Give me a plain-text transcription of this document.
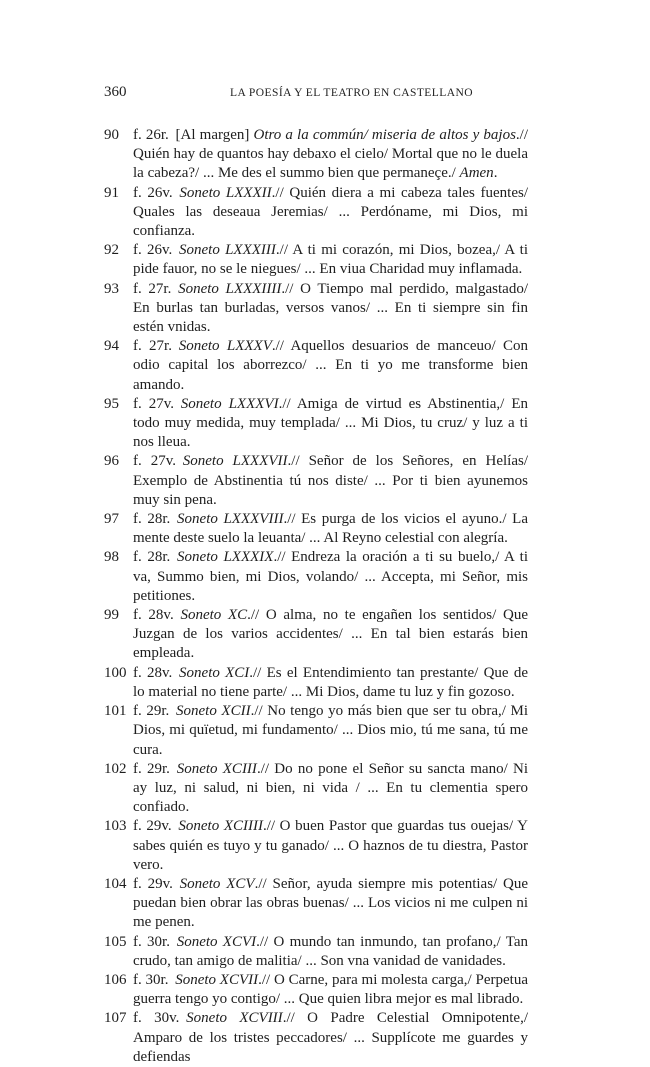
360	LA POESÍA Y EL TEATRO EN CASTELLANO
90 f. 26r. [Al margen] Otro a la commún/ miseria de altos y bajos.// Quién hay de quantos hay debaxo el cielo/ Mortal que no le duela la cabeza?/ ... Me des el summo bien que permaneçe./ Amen.
91 f. 26v. Soneto LXXXII.// Quién diera a mi cabeza tales fuentes/ Quales las deseaua Jeremias/ ... Perdóname, mi Dios, mi confianza.
92 f. 26v. Soneto LXXXIII.// A ti mi corazón, mi Dios, bozea,/ A ti pide fauor, no se le niegues/ ... En viua Charidad muy inflamada.
93 f. 27r. Soneto LXXXIIII.// O Tiempo mal perdido, malgastado/ En burlas tan burladas, versos vanos/ ... En ti siempre sin fin estén vnidas.
94 f. 27r. Soneto LXXXV.// Aquellos desuarios de manceuo/ Con odio capital los aborrezco/ ... En ti yo me transforme bien amando.
95 f. 27v. Soneto LXXXVI.// Amiga de virtud es Abstinentia,/ En todo muy medida, muy templada/ ... Mi Dios, tu cruz/ y luz a ti nos lleua.
96 f. 27v. Soneto LXXXVII.// Señor de los Señores, en Helías/ Exemplo de Abstinentia tú nos diste/ ... Por ti bien ayunemos muy sin pena.
97 f. 28r. Soneto LXXXVIII.// Es purga de los vicios el ayuno./ La mente deste suelo la leuanta/ ... Al Reyno celestial con alegría.
98 f. 28r. Soneto LXXXIX.// Endreza la oración a ti su buelo,/ A ti va, Summo bien, mi Dios, volando/ ... Accepta, mi Señor, mis petitiones.
99 f. 28v. Soneto XC.// O alma, no te engañen los sentidos/ Que Juzgan de los varios accidentes/ ... En tal bien estarás bien empleada.
100 f. 28v. Soneto XCI.// Es el Entendimiento tan prestante/ Que de lo material no tiene parte/ ... Mi Dios, dame tu luz y fin gozoso.
101 f. 29r. Soneto XCII.// No tengo yo más bien que ser tu obra,/ Mi Dios, mi quïetud, mi fundamento/ ... Dios mio, tú me sana, tú me cura.
102 f. 29r. Soneto XCIII.// Do no pone el Señor su sancta mano/ Ni ay luz, ni salud, ni bien, ni vida / ... En tu clementia spero confiado.
103 f. 29v. Soneto XCIIII.// O buen Pastor que guardas tus ouejas/ Y sabes quién es tuyo y tu ganado/ ... O haznos de tu diestra, Pastor vero.
104 f. 29v. Soneto XCV.// Señor, ayuda siempre mis potentias/ Que puedan bien obrar las obras buenas/ ... Los vicios ni me culpen ni me penen.
105 f. 30r. Soneto XCVI.// O mundo tan inmundo, tan profano,/ Tan crudo, tan amigo de malitia/ ... Son vna vanidad de vanidades.
106 f. 30r. Soneto XCVII.// O Carne, para mi molesta carga,/ Perpetua guerra tengo yo contigo/ ... Que quien libra mejor es mal librado.
107 f. 30v. Soneto XCVIII.// O Padre Celestial Omnipotente,/ Amparo de los tristes peccadores/ ... Supplícote me guardes y defiendas
